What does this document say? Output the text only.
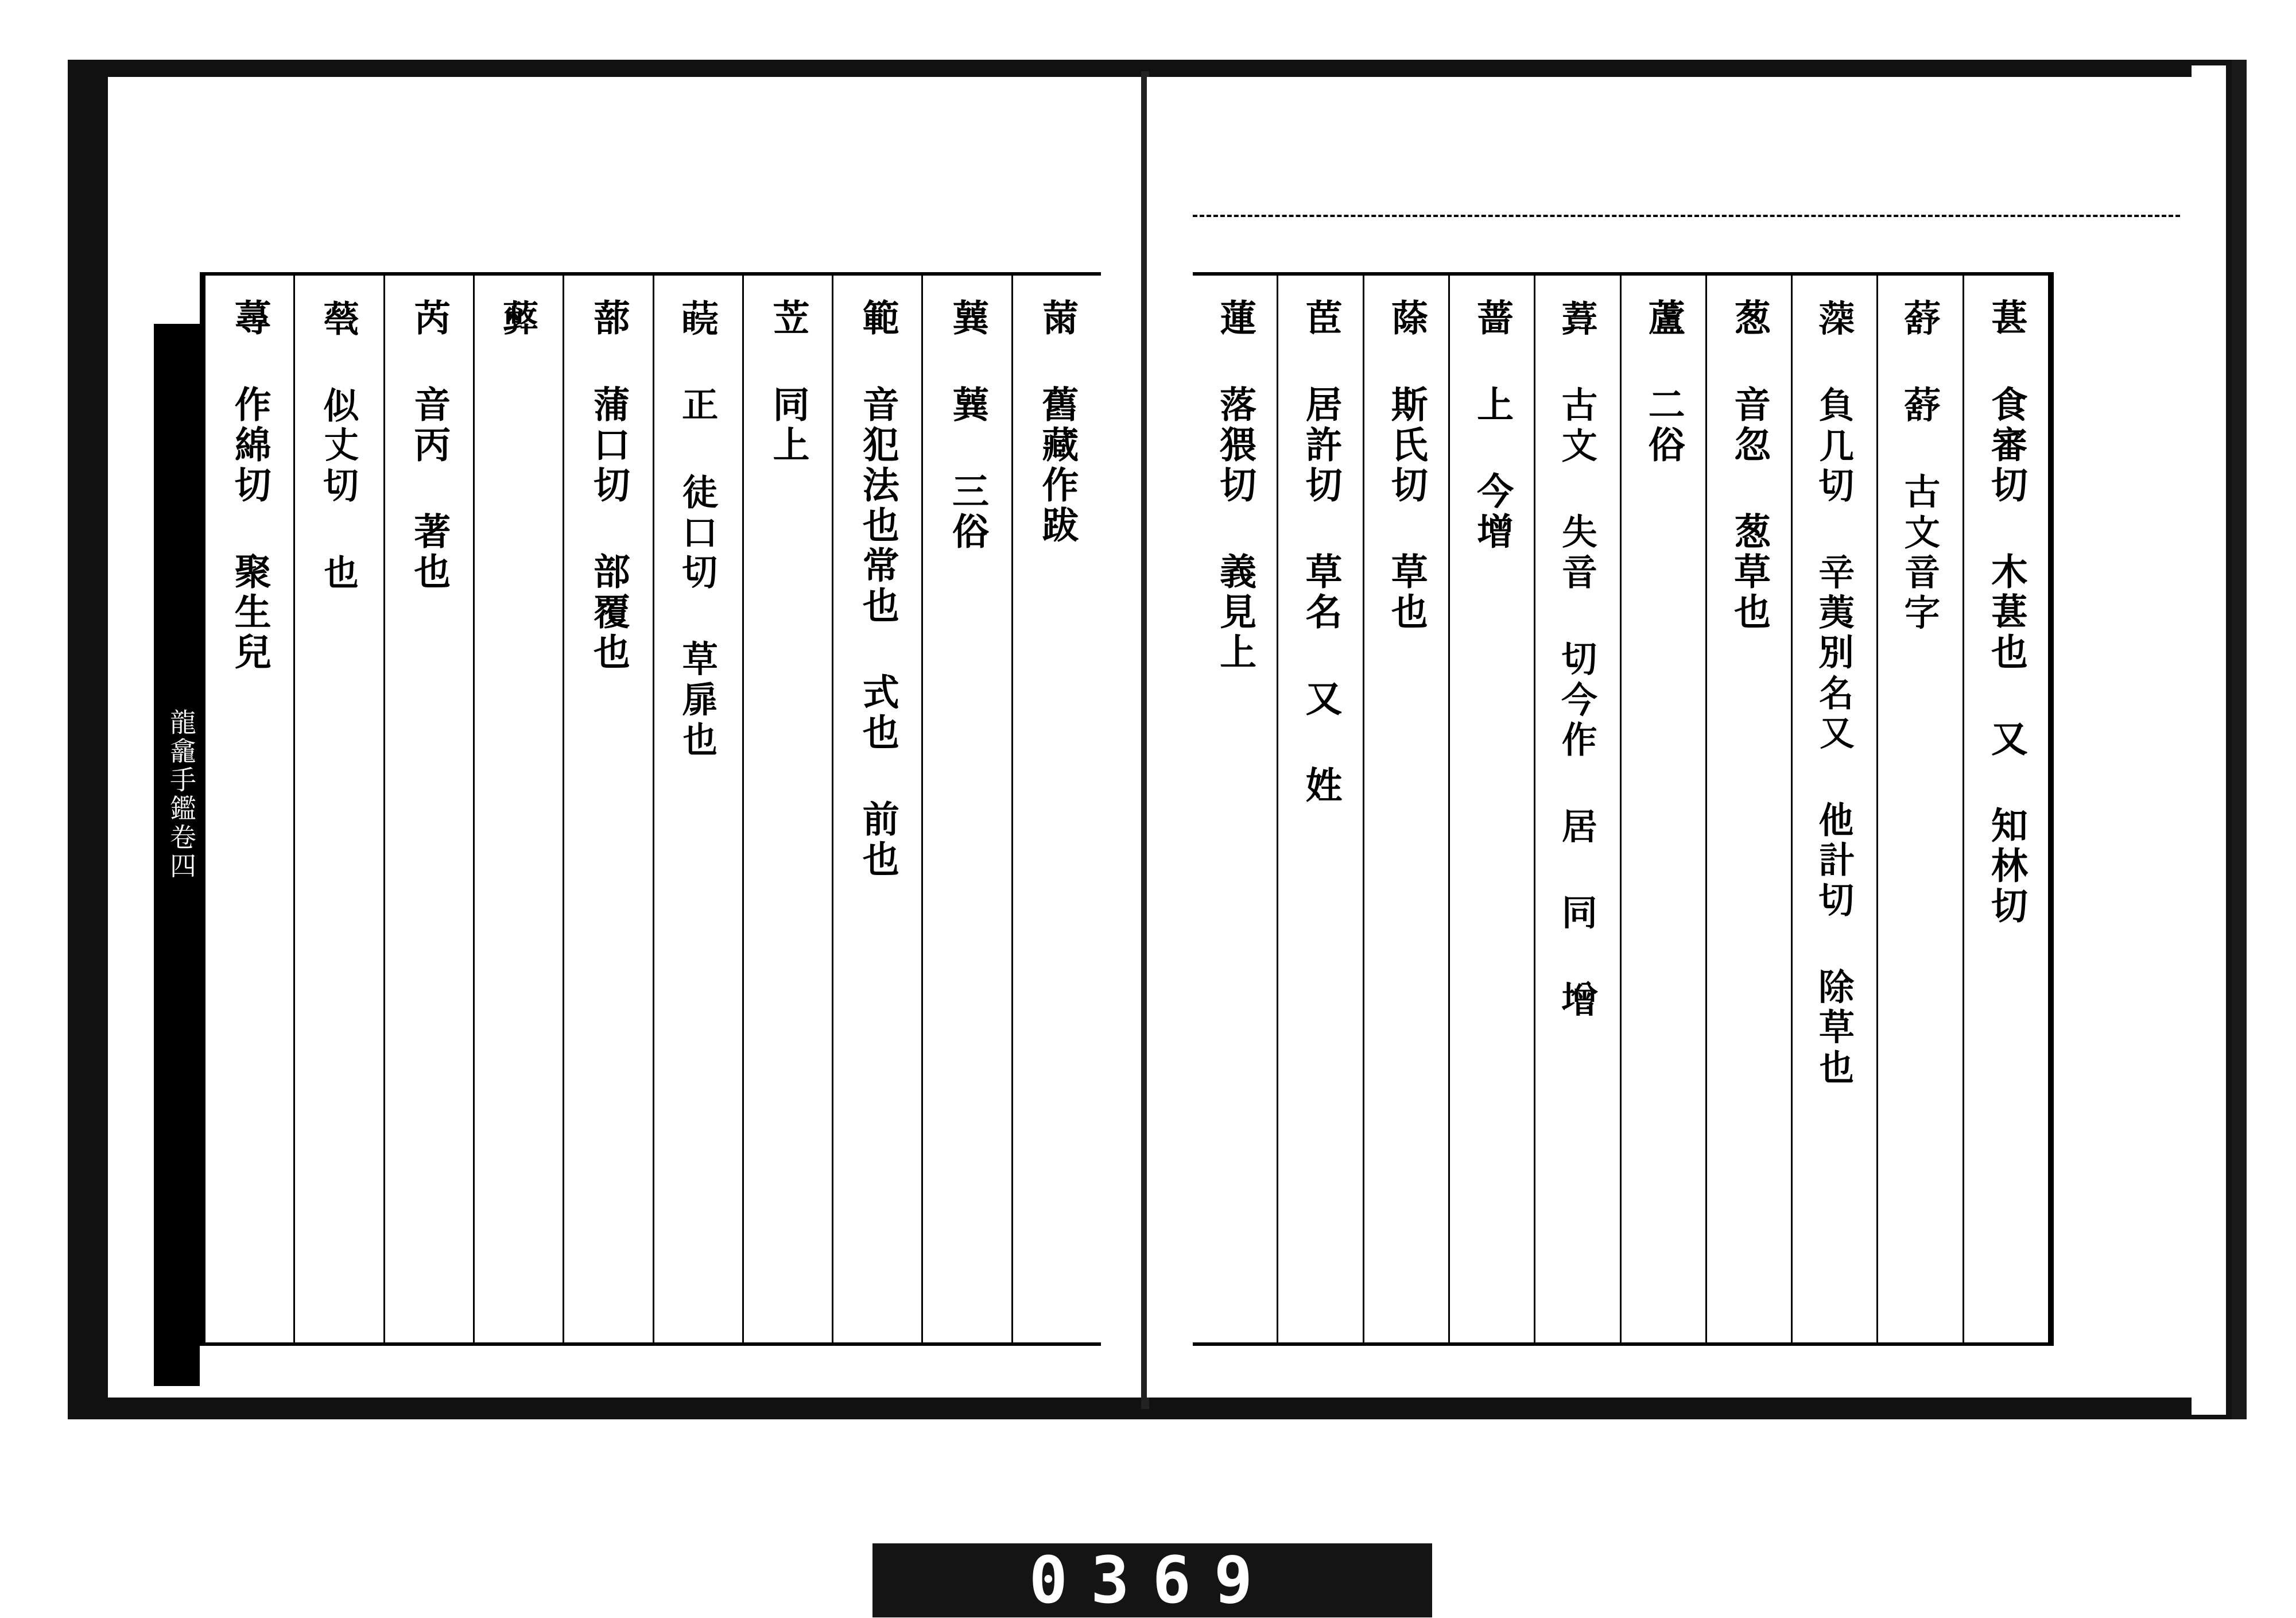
龍龕手鑑卷四
𦲸 舊藏作跋
𦺈 𦺈 三俗
範 音犯法也常也 式也 前也
苙 同上
𦺊 正 徒口切 草扉也
蔀 蒲口切 部覆也
𦿔
芮 音丙 著也
𦽓 似丈切 也
蕁 作綿切 聚生兒	葚 食審切 木葚也 又 知林切
𦺗 𦺗 古文音字
𦸂 負几切 辛荑別名又 他計切 除草也
葱 音忽 葱草也
蘆 二俗
𦹊 古文 失音 切今作 居 同 增
蔷 上 今增
蒢 斯氏切 草也
茞 居許切 草名 又 姓
蓮 落猥切 義見上
0369
